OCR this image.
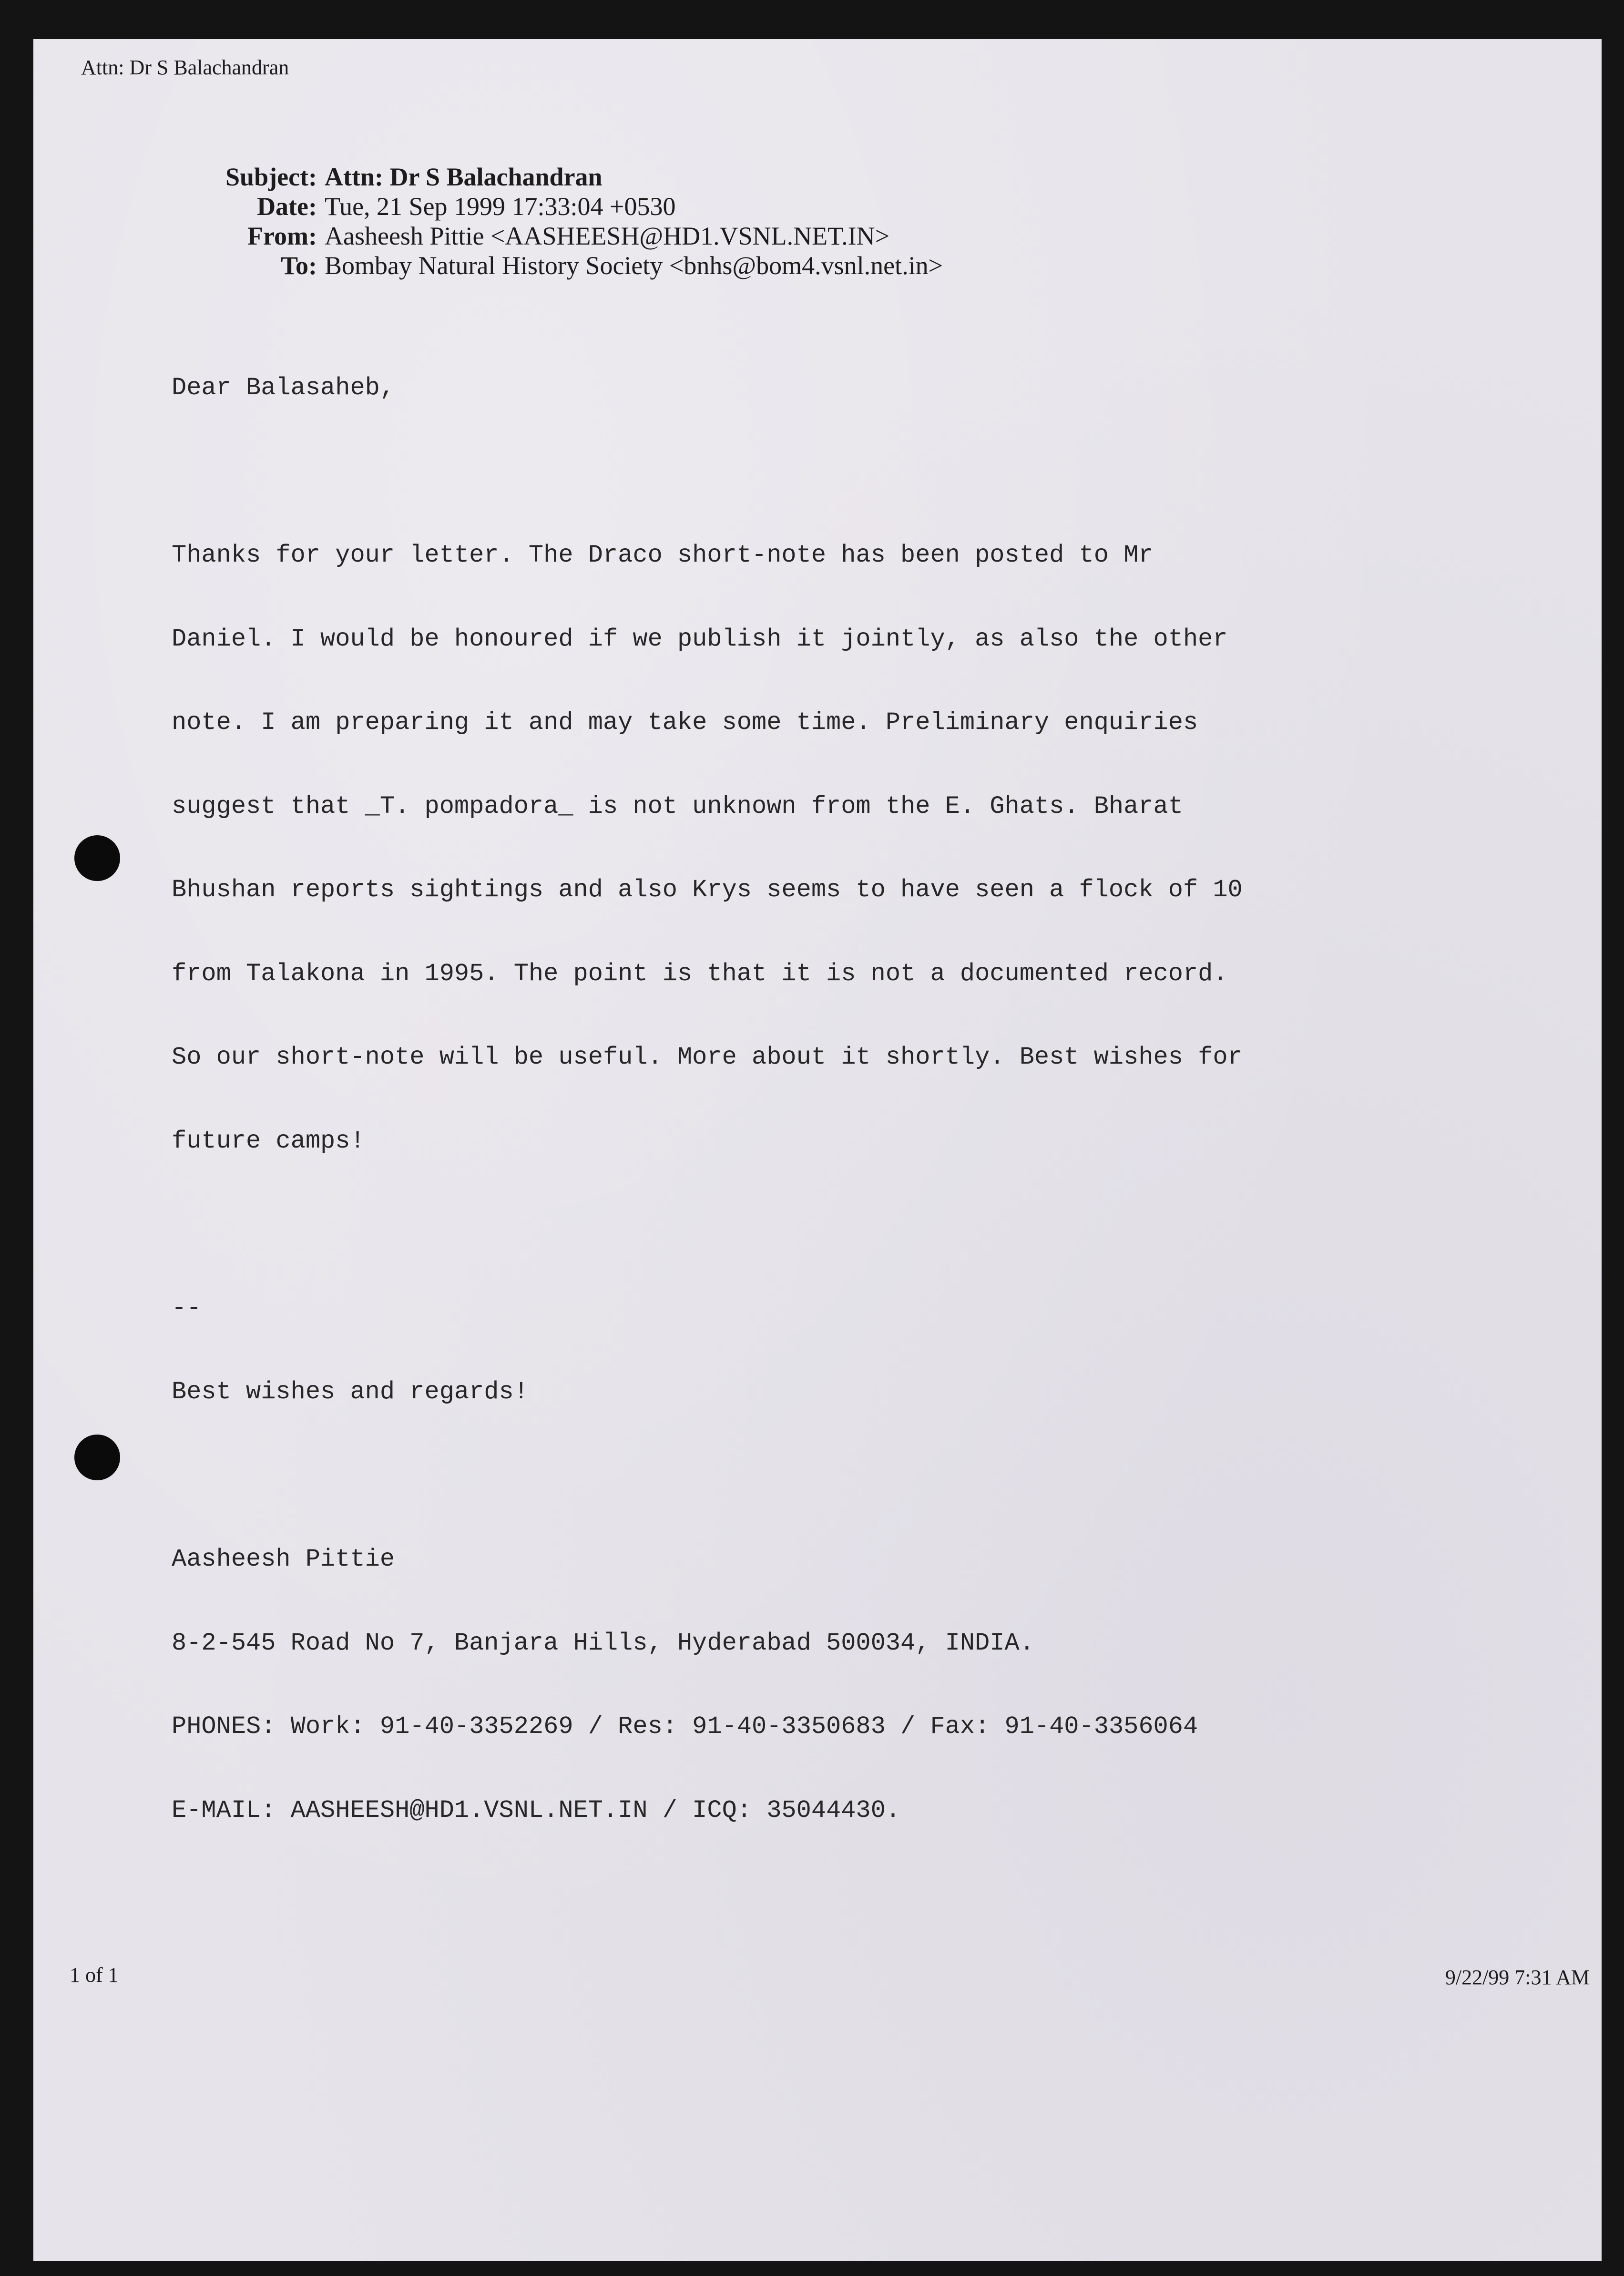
Attn: Dr S Balachandran
Subject: Attn: Dr S Balachandran
Date: Tue, 21 Sep 1999 17:33:04 +0530
From: Aasheesh Pittie <AASHEESH@HD1.VSNL.NET.IN>
To: Bombay Natural History Society <bnhs@bom4.vsnl.net.in>

Dear Balasaheb,

Thanks for your letter. The Draco short-note has been posted to Mr

Daniel. I would be honoured if we publish it jointly, as also the other

note. I am preparing it and may take some time. Preliminary enquiries

suggest that _T. pompadora_ is not unknown from the E. Ghats. Bharat

Bhushan reports sightings and also Krys seems to have seen a flock of 10

from Talakona in 1995. The point is that it is not a documented record.

So our short-note will be useful. More about it shortly. Best wishes for

future camps!

--

Best wishes and regards!

Aasheesh Pittie

8-2-545 Road No 7, Banjara Hills, Hyderabad 500034, INDIA.

PHONES: Work: 91-40-3352269 / Res: 91-40-3350683 / Fax: 91-40-3356064

E-MAIL: AASHEESH@HD1.VSNL.NET.IN / ICQ: 35044430.

1 of 1	9/22/99 7:31 AM
